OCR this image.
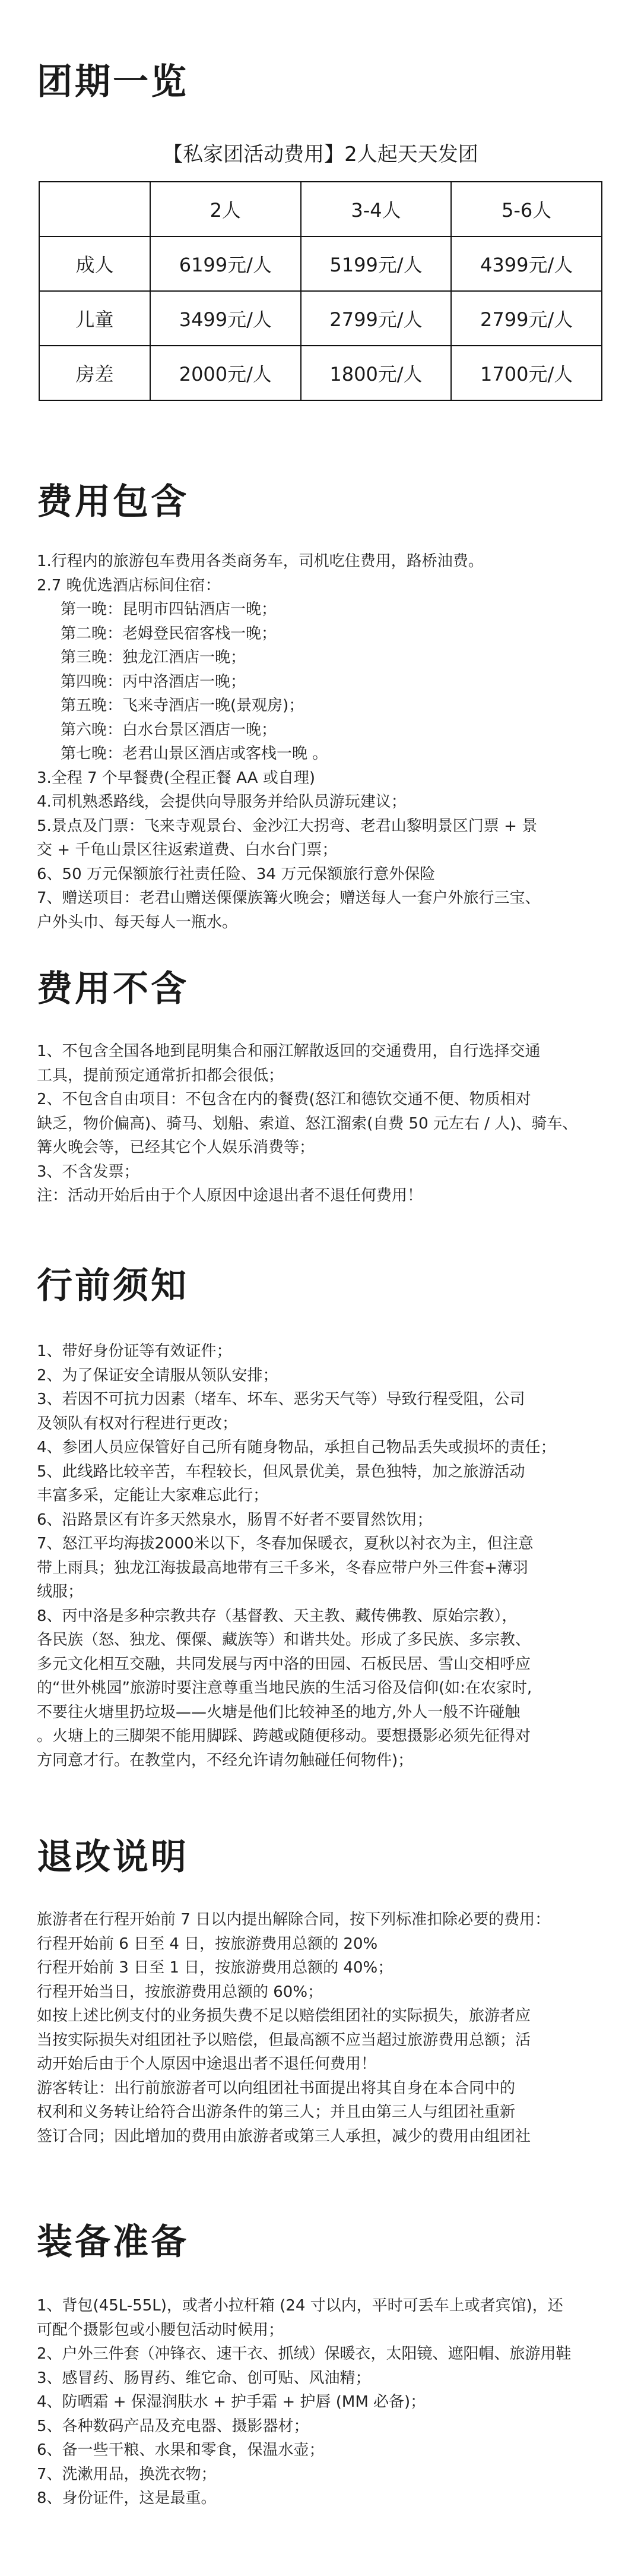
团期一览
【私家团活动费用】2人起天天发团
	2人	3-4人	5-6人
成人	6199元/人	5199元/人	4399元/人
儿童	3499元/人	2799元/人	2799元/人
房差	2000元/人	1800元/人	1700元/人
费用包含

1.行程内的旅游包车费用各类商务车，司机吃住费用，路桥油费。

2.7 晚优选酒店标间住宿：

第一晚：昆明市四钻酒店一晚；

第二晚：老姆登民宿客栈一晚；

第三晚：独龙江酒店一晚；

第四晚：丙中洛酒店一晚；

第五晚：飞来寺酒店一晚(景观房)；

第六晚：白水台景区酒店一晚；

第七晚：老君山景区酒店或客栈一晚 。

3.全程 7 个早餐费(全程正餐 AA 或自理)

4.司机熟悉路线，会提供向导服务并给队员游玩建议；

5.景点及门票：飞来寺观景台、金沙江大拐弯、老君山黎明景区门票 + 景

交 + 千龟山景区往返索道费、白水台门票；

6、50 万元保额旅行社责任险、34 万元保额旅行意外保险

7、赠送项目：老君山赠送傈僳族篝火晚会；赠送每人一套户外旅行三宝、

户外头巾、每天每人一瓶水。

费用不含

1、不包含全国各地到昆明集合和丽江解散返回的交通费用，自行选择交通

工具，提前预定通常折扣都会很低；

2、不包含自由项目：不包含在内的餐费(怒江和德钦交通不便、物质相对

缺乏，物价偏高)、骑马、划船、索道、怒江溜索(自费 50 元左右 / 人)、骑车、

篝火晚会等，已经其它个人娱乐消费等；

3、不含发票；

注：活动开始后由于个人原因中途退出者不退任何费用！

行前须知

1、带好身份证等有效证件；

2、为了保证安全请服从领队安排；

3、若因不可抗力因素（堵车、坏车、恶劣天气等）导致行程受阻，公司

及领队有权对行程进行更改；

4、参团人员应保管好自己所有随身物品，承担自己物品丢失或损坏的责任；

5、此线路比较辛苦，车程较长，但风景优美，景色独特，加之旅游活动

丰富多采，定能让大家难忘此行；

6、沿路景区有许多天然泉水，肠胃不好者不要冒然饮用；

7、怒江平均海拔2000米以下，冬春加保暖衣，夏秋以衬衣为主，但注意

带上雨具；独龙江海拔最高地带有三千多米，冬春应带户外三件套+薄羽

绒服；

8、丙中洛是多种宗教共存（基督教、天主教、藏传佛教、原始宗教），

各民族（怒、独龙、傈僳、藏族等）和谐共处。形成了多民族、多宗教、

多元文化相互交融，共同发展与丙中洛的田园、石板民居、雪山交相呼应

的“世外桃园”旅游时要注意尊重当地民族的生活习俗及信仰(如:在农家时,

不要往火塘里扔垃圾——火塘是他们比较神圣的地方,外人一般不许碰触

。火塘上的三脚架不能用脚踩、跨越或随便移动。要想摄影必须先征得对

方同意才行。在教堂内，不经允许请勿触碰任何物件)；

退改说明

旅游者在行程开始前 7 日以内提出解除合同，按下列标准扣除必要的费用：

行程开始前 6 日至 4 日，按旅游费用总额的 20%

行程开始前 3 日至 1 日，按旅游费用总额的 40%；

行程开始当日，按旅游费用总额的 60%；

如按上述比例支付的业务损失费不足以赔偿组团社的实际损失，旅游者应

当按实际损失对组团社予以赔偿，但最高额不应当超过旅游费用总额；活

动开始后由于个人原因中途退出者不退任何费用！

游客转让：出行前旅游者可以向组团社书面提出将其自身在本合同中的

权利和义务转让给符合出游条件的第三人；并且由第三人与组团社重新

签订合同；因此增加的费用由旅游者或第三人承担，减少的费用由组团社

装备准备

1、背包(45L-55L)，或者小拉杆箱 (24 寸以内，平时可丢车上或者宾馆)，还

可配个摄影包或小腰包活动时候用；

2、户外三件套（冲锋衣、速干衣、抓绒）保暖衣，太阳镜、遮阳帽、旅游用鞋

3、感冒药、肠胃药、维它命、创可贴、风油精；

4、防晒霜 + 保湿润肤水 + 护手霜 + 护唇 (MM 必备)；

5、各种数码产品及充电器、摄影器材；

6、备一些干粮、水果和零食，保温水壶；

7、洗漱用品，换洗衣物；

8、身份证件，这是最重。
